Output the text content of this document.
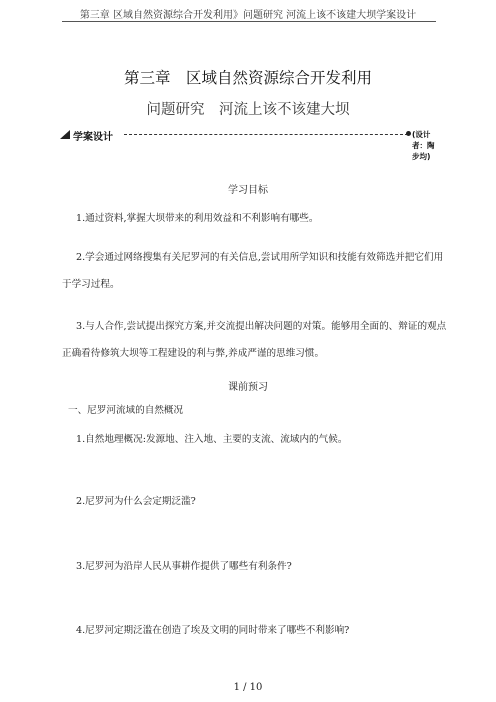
第三章 区域自然资源综合开发利用》问题研究 河流上该不该建大坝学案设计
第三章　区域自然资源综合开发利用
问题研究　河流上该不该建大坝
学案设计	(设计者：陶步均)
学习目标
1.通过资料,掌握大坝带来的利用效益和不利影响有哪些。
2.学会通过网络搜集有关尼罗河的有关信息,尝试用所学知识和技能有效筛选并把它们用
于学习过程。
3.与人合作,尝试提出探究方案,并交流提出解决问题的对策。能够用全面的、辩证的观点
正确看待修筑大坝等工程建设的利与弊,养成严谨的思维习惯。
课前预习
一、尼罗河流域的自然概况
1.自然地理概况:发源地、注入地、主要的支流、流域内的气候。
2.尼罗河为什么会定期泛滥?
3.尼罗河为沿岸人民从事耕作提供了哪些有利条件?
4.尼罗河定期泛滥在创造了埃及文明的同时带来了哪些不利影响?
1 / 10
